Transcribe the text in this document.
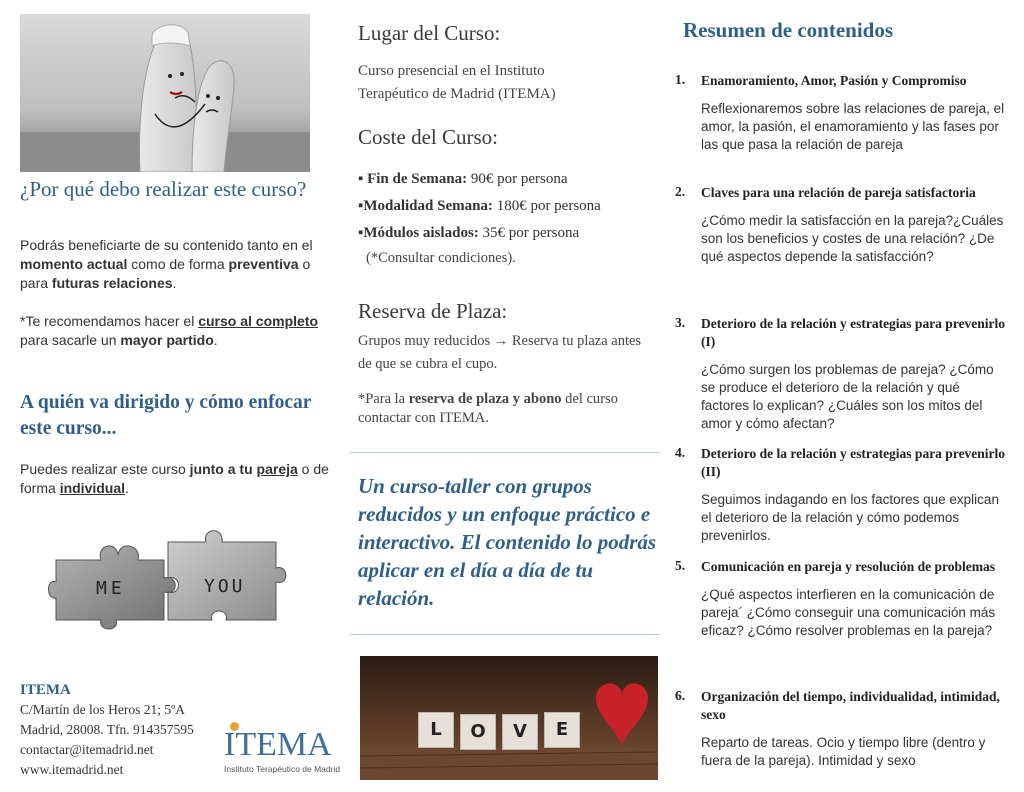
¿Por qué debo realizar este curso?

Podrás beneficiarte de su contenido tanto en el momento actual como de forma preventiva o para futuras relaciones.

*Te recomendamos hacer el curso al completo para sacarle un mayor partido.

A quién va dirigido y cómo enfocar este curso...

Puedes realizar este curso junto a tu pareja o de forma individual.

ME	YOU
ITEMA
C/Martín de los Heros 21; 5ºA
Madrid, 28008. Tfn. 914357595
contactar@itemadrid.net
www.itemadrid.net
ITEMA
Instituto Terapéutico de Madrid
Lugar del Curso:

Curso presencial en el Instituto Terapéutico de Madrid (ITEMA)

Coste del Curso:
▪ Fin de Semana: 90€ por persona
▪Modalidad Semana: 180€ por persona
▪Módulos aislados: 35€ por persona
(*Consultar condiciones).
Reserva de Plaza:

Grupos muy reducidos → Reserva tu plaza antes de que se cubra el cupo.

*Para la reserva de plaza y abono del curso contactar con ITEMA.

Un curso-taller con grupos reducidos y un enfoque práctico e interactivo. El contenido lo podrás aplicar en el día a día de tu relación.

L	O	V	E
Resumen de contenidos
1. Enamoramiento, Amor, Pasión y Compromiso
Reflexionaremos sobre las relaciones de pareja, el amor, la pasión, el enamoramiento y las fases por las que pasa la relación de pareja
2. Claves para una relación de pareja satisfactoria
¿Cómo medir la satisfacción en la pareja?¿Cuáles son los beneficios y costes de una relación? ¿De qué aspectos depende la satisfacción?
3. Deterioro de la relación y estrategias para prevenirlo (I)
¿Cómo surgen los problemas de pareja? ¿Cómo se produce el deterioro de la relación y qué factores lo explican? ¿Cuáles son los mitos del amor y cómo afectan?
4. Deterioro de la relación y estrategias para prevenirlo (II)
Seguimos indagando en los factores que explican el deterioro de la relación y cómo podemos prevenirlos.
5. Comunicación en pareja y resolución de problemas
¿Qué aspectos interfieren en la comunicación de pareja´ ¿Cómo conseguir una comunicación más eficaz? ¿Cómo resolver problemas en la pareja?
6. Organización del tiempo, individualidad, intimidad, sexo
Reparto de tareas. Ocio y tiempo libre (dentro y fuera de la pareja). Intimidad y sexo
